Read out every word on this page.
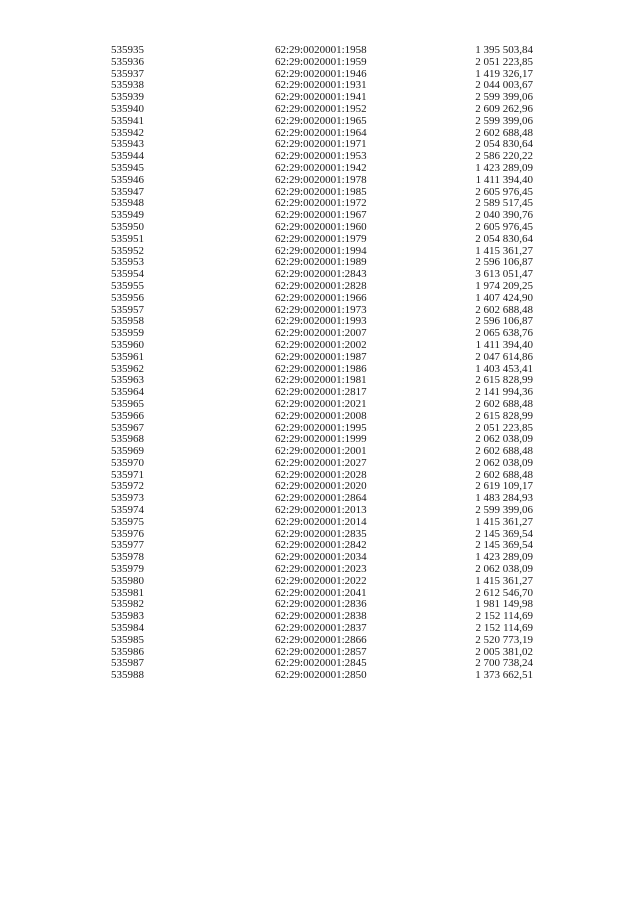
535935	62:29:0020001:1958	1 395 503,84
535936	62:29:0020001:1959	2 051 223,85
535937	62:29:0020001:1946	1 419 326,17
535938	62:29:0020001:1931	2 044 003,67
535939	62:29:0020001:1941	2 599 399,06
535940	62:29:0020001:1952	2 609 262,96
535941	62:29:0020001:1965	2 599 399,06
535942	62:29:0020001:1964	2 602 688,48
535943	62:29:0020001:1971	2 054 830,64
535944	62:29:0020001:1953	2 586 220,22
535945	62:29:0020001:1942	1 423 289,09
535946	62:29:0020001:1978	1 411 394,40
535947	62:29:0020001:1985	2 605 976,45
535948	62:29:0020001:1972	2 589 517,45
535949	62:29:0020001:1967	2 040 390,76
535950	62:29:0020001:1960	2 605 976,45
535951	62:29:0020001:1979	2 054 830,64
535952	62:29:0020001:1994	1 415 361,27
535953	62:29:0020001:1989	2 596 106,87
535954	62:29:0020001:2843	3 613 051,47
535955	62:29:0020001:2828	1 974 209,25
535956	62:29:0020001:1966	1 407 424,90
535957	62:29:0020001:1973	2 602 688,48
535958	62:29:0020001:1993	2 596 106,87
535959	62:29:0020001:2007	2 065 638,76
535960	62:29:0020001:2002	1 411 394,40
535961	62:29:0020001:1987	2 047 614,86
535962	62:29:0020001:1986	1 403 453,41
535963	62:29:0020001:1981	2 615 828,99
535964	62:29:0020001:2817	2 141 994,36
535965	62:29:0020001:2021	2 602 688,48
535966	62:29:0020001:2008	2 615 828,99
535967	62:29:0020001:1995	2 051 223,85
535968	62:29:0020001:1999	2 062 038,09
535969	62:29:0020001:2001	2 602 688,48
535970	62:29:0020001:2027	2 062 038,09
535971	62:29:0020001:2028	2 602 688,48
535972	62:29:0020001:2020	2 619 109,17
535973	62:29:0020001:2864	1 483 284,93
535974	62:29:0020001:2013	2 599 399,06
535975	62:29:0020001:2014	1 415 361,27
535976	62:29:0020001:2835	2 145 369,54
535977	62:29:0020001:2842	2 145 369,54
535978	62:29:0020001:2034	1 423 289,09
535979	62:29:0020001:2023	2 062 038,09
535980	62:29:0020001:2022	1 415 361,27
535981	62:29:0020001:2041	2 612 546,70
535982	62:29:0020001:2836	1 981 149,98
535983	62:29:0020001:2838	2 152 114,69
535984	62:29:0020001:2837	2 152 114,69
535985	62:29:0020001:2866	2 520 773,19
535986	62:29:0020001:2857	2 005 381,02
535987	62:29:0020001:2845	2 700 738,24
535988	62:29:0020001:2850	1 373 662,51
